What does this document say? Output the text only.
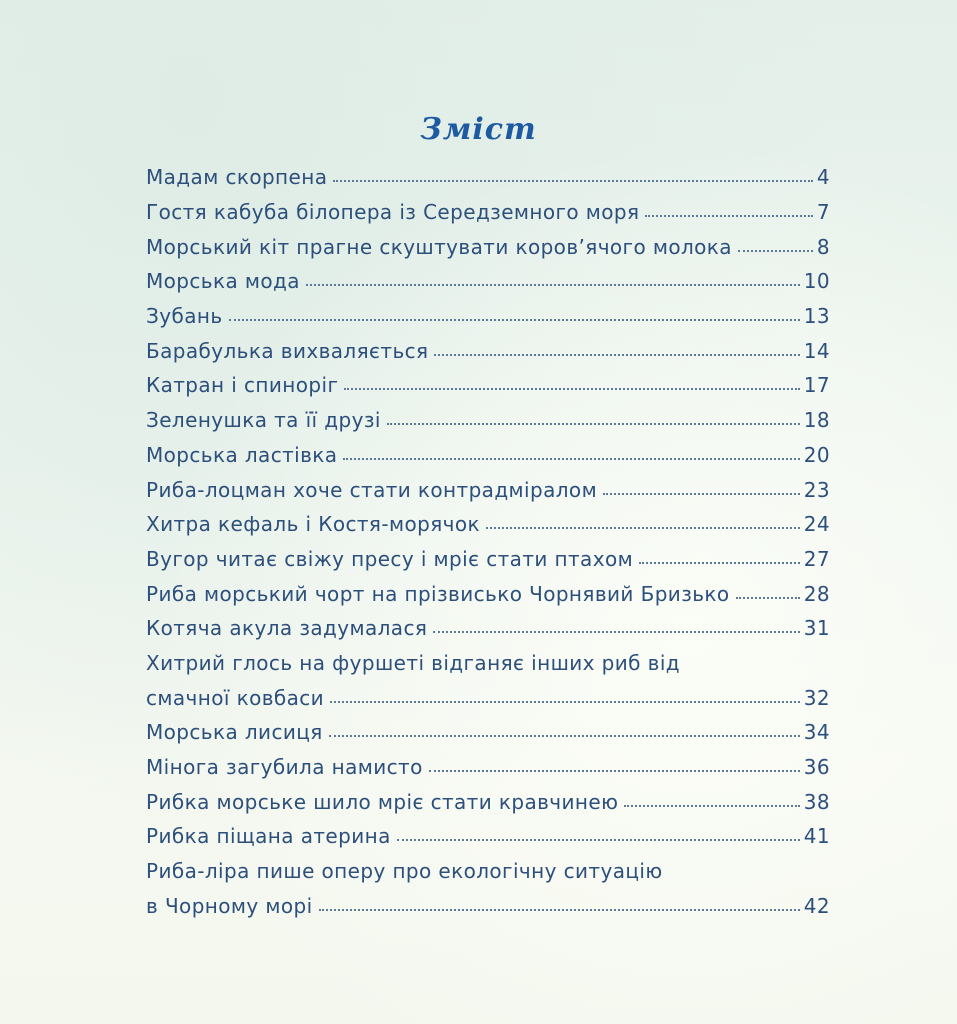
Зміст
Мадам скорпена	4
Гостя кабуба білопера із Середземного моря	7
Морський кіт прагне скуштувати коров’ячого молока	8
Морська мода	10
Зубань	13
Барабулька вихваляється	14
Катран і спиноріг	17
Зеленушка та її друзі	18
Морська ластівка	20
Риба-лоцман хоче стати контрадміралом	23
Хитра кефаль і Костя-морячок	24
Вугор читає свіжу пресу і мріє стати птахом	27
Риба морський чорт на прізвисько Чорнявий Бризько	28
Котяча акула задумалася	31
Хитрий глось на фуршеті відганяє інших риб від
смачної ковбаси	32
Морська лисиця	34
Мінога загубила намисто	36
Рибка морське шило мріє стати кравчинею	38
Рибка піщана атерина	41
Риба-ліра пише оперу про екологічну ситуацію
в Чорному морі	42
